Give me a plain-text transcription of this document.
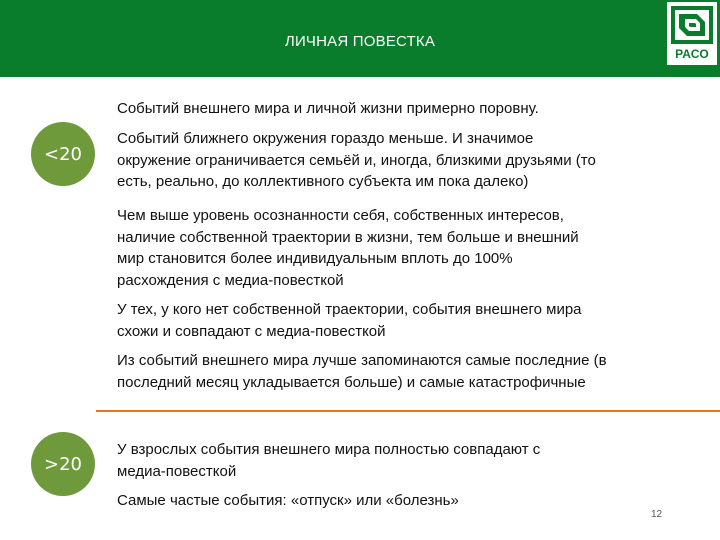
ЛИЧНАЯ ПОВЕСТКА
РАСО
<20

Событий внешнего мира и личной жизни примерно поровну.

Событий ближнего окружения гораздо меньше. И значимое
окружение ограничивается семьёй и, иногда, близкими друзьями (то
есть, реально, до коллективного субъекта им пока далеко)

Чем выше уровень осознанности себя, собственных интересов,
наличие собственной траектории в жизни, тем больше и внешний
мир становится более индивидуальным вплоть до 100%
расхождения с медиа-повесткой

У тех, у кого нет собственной траектории, события внешнего мира
схожи и совпадают с медиа-повесткой

Из событий внешнего мира лучше запоминаются самые последние (в
последний месяц укладывается больше) и самые катастрофичные

>20

У взрослых события внешнего мира полностью совпадают с
медиа-повесткой

Самые частые события: «отпуск» или «болезнь»

12
